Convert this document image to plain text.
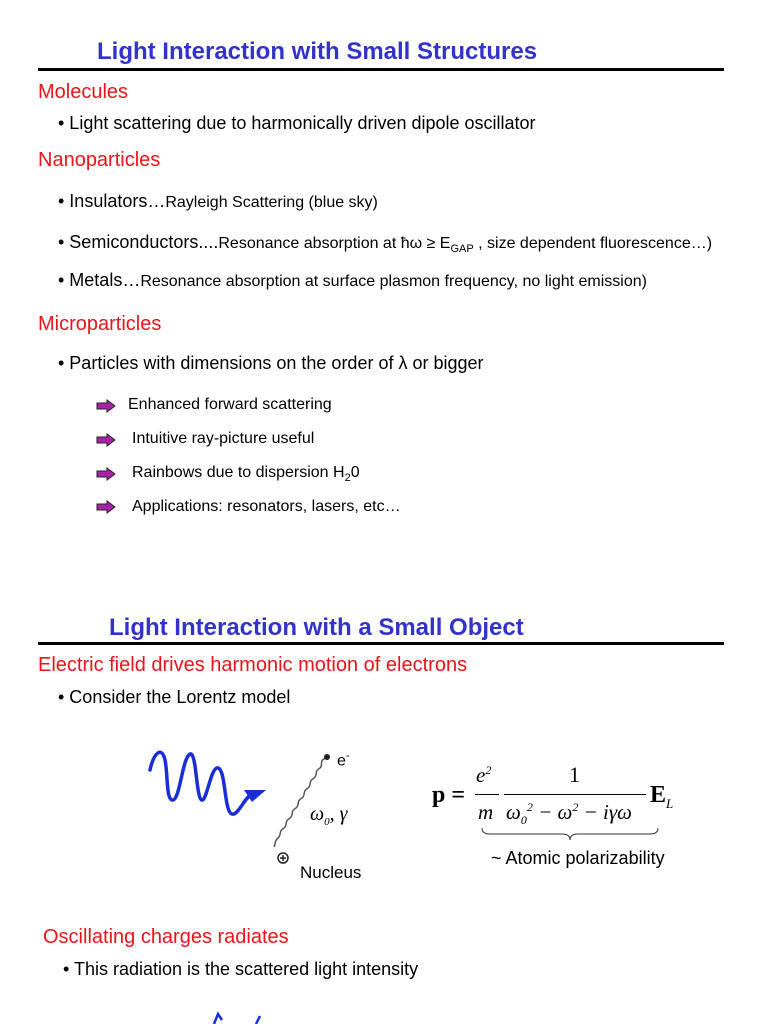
Light Interaction with Small Structures
Molecules
• Light scattering due to harmonically driven dipole oscillator
Nanoparticles
• Insulators…Rayleigh Scattering (blue sky)
• Semiconductors....Resonance absorption at ħω ≥ $E_{GAP}$ , size dependent fluorescence…)
• Metals…Resonance absorption at surface plasmon frequency, no light emission)
Microparticles
• Particles with dimensions on the order of λ or bigger
Enhanced forward scattering
Intuitive ray-picture useful
Rainbows due to dispersion $H_20$
Applications: resonators, lasers, etc…
Light Interaction with a Small Object
Electric field drives harmonic motion of electrons
• Consider the Lorentz model
e-
$\omega_0$, γ
Nucleus
p =
$e^2$
m
1
$\omega_0^2 - \omega^2 - i\gamma\omega$
$E_L$
~ Atomic polarizability
Oscillating charges radiates
• This radiation is the scattered light intensity
